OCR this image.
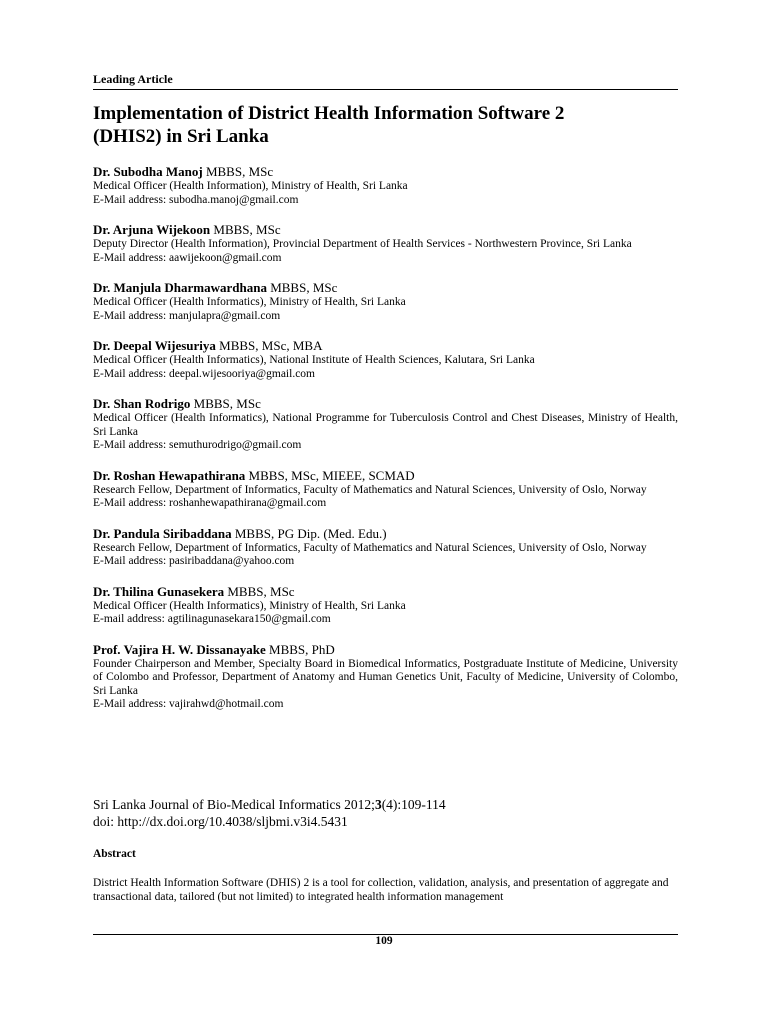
Leading Article
Implementation of District Health Information Software 2
(DHIS2) in Sri Lanka
Dr. Subodha Manoj MBBS, MSc
Medical Officer (Health Information), Ministry of Health, Sri Lanka
E-Mail address: subodha.manoj@gmail.com
Dr. Arjuna Wijekoon MBBS, MSc
Deputy Director (Health Information), Provincial Department of Health Services - Northwestern Province, Sri Lanka
E-Mail address: aawijekoon@gmail.com
Dr. Manjula Dharmawardhana MBBS, MSc
Medical Officer (Health Informatics), Ministry of Health, Sri Lanka
E-Mail address: manjulapra@gmail.com
Dr. Deepal Wijesuriya MBBS, MSc, MBA
Medical Officer (Health Informatics), National Institute of Health Sciences, Kalutara, Sri Lanka
E-Mail address: deepal.wijesooriya@gmail.com
Dr. Shan Rodrigo MBBS, MSc
Medical Officer (Health Informatics), National Programme for Tuberculosis Control and Chest Diseases, Ministry of Health, Sri Lanka
E-Mail address: semuthurodrigo@gmail.com
Dr. Roshan Hewapathirana MBBS, MSc, MIEEE, SCMAD
Research Fellow, Department of Informatics, Faculty of Mathematics and Natural Sciences, University of Oslo, Norway
E-Mail address: roshanhewapathirana@gmail.com
Dr. Pandula Siribaddana MBBS, PG Dip. (Med. Edu.)
Research Fellow, Department of Informatics, Faculty of Mathematics and Natural Sciences, University of Oslo, Norway
E-Mail address: pasiribaddana@yahoo.com
Dr. Thilina Gunasekera MBBS, MSc
Medical Officer (Health Informatics), Ministry of Health, Sri Lanka
E-mail address: agtilinagunasekara150@gmail.com
Prof. Vajira H. W. Dissanayake MBBS, PhD
Founder Chairperson and Member, Specialty Board in Biomedical Informatics, Postgraduate Institute of Medicine, University of Colombo and Professor, Department of Anatomy and Human Genetics Unit, Faculty of Medicine, University of Colombo, Sri Lanka
E-Mail address: vajirahwd@hotmail.com
Sri Lanka Journal of Bio-Medical Informatics 2012;3(4):109-114
doi: http://dx.doi.org/10.4038/sljbmi.v3i4.5431
Abstract
District Health Information Software (DHIS) 2 is a tool for collection, validation, analysis, and presentation of aggregate and transactional data, tailored (but not limited) to integrated health information management
109
